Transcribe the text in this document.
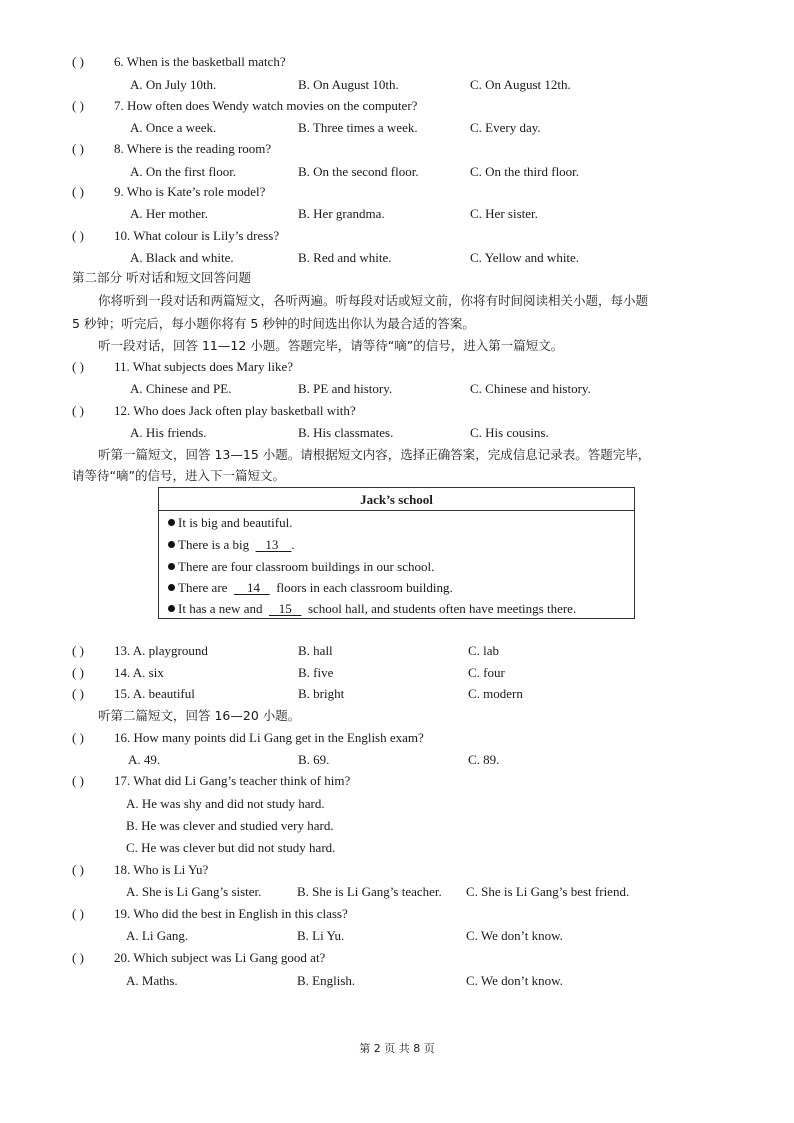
( ) 6. When is the basketball match?
A. On July 10th.	B. On August 10th.	C. On August 12th.
( ) 7. How often does Wendy watch movies on the computer?
A. Once a week.	B. Three times a week.	C. Every day.
( ) 8. Where is the reading room?
A. On the first floor.	B. On the second floor.	C. On the third floor.
( ) 9. Who is Kate’s role model?
A. Her mother.	B. Her grandma.	C. Her sister.
( ) 10. What colour is Lily’s dress?
A. Black and white.	B. Red and white.	C. Yellow and white.
第二部分 听对话和短文回答问题
你将听到一段对话和两篇短文，各听两遍。听每段对话或短文前，你将有时间阅读相关小题，每小题
5 秒钟；听完后，每小题你将有 5 秒钟的时间选出你认为最合适的答案。
听一段对话，回答 11—12 小题。答题完毕，请等待“嘀”的信号，进入第一篇短文。
( ) 11. What subjects does Mary like?
A. Chinese and PE.	B. PE and history.	C. Chinese and history.
( ) 12. Who does Jack often play basketball with?
A. His friends.	B. His classmates.	C. His cousins.
听第一篇短文，回答 13—15 小题。请根据短文内容，选择正确答案，完成信息记录表。答题完毕，
请等待“嘀”的信号，进入下一篇短文。
Jack’s school
It is big and beautiful.
There is a big 13 .
There are four classroom buildings in our school.
There are 14 floors in each classroom building.
It has a new and 15 school hall, and students often have meetings there.
( ) 13. A. playground	B. hall	C. lab
( ) 14. A. six	B. five	C. four
( ) 15. A. beautiful	B. bright	C. modern
听第二篇短文，回答 16—20 小题。
( ) 16. How many points did Li Gang get in the English exam?
A. 49.	B. 69.	C. 89.
( ) 17. What did Li Gang’s teacher think of him?
A. He was shy and did not study hard.
B. He was clever and studied very hard.
C. He was clever but did not study hard.
( ) 18. Who is Li Yu?
A. She is Li Gang’s sister.	B. She is Li Gang’s teacher. C. She is Li Gang’s best friend.
( ) 19. Who did the best in English in this class?
A. Li Gang.	B. Li Yu.	C. We don’t know.
( ) 20. Which subject was Li Gang good at?
A. Maths.	B. English.	C. We don’t know.
第 2 页 共 8 页
